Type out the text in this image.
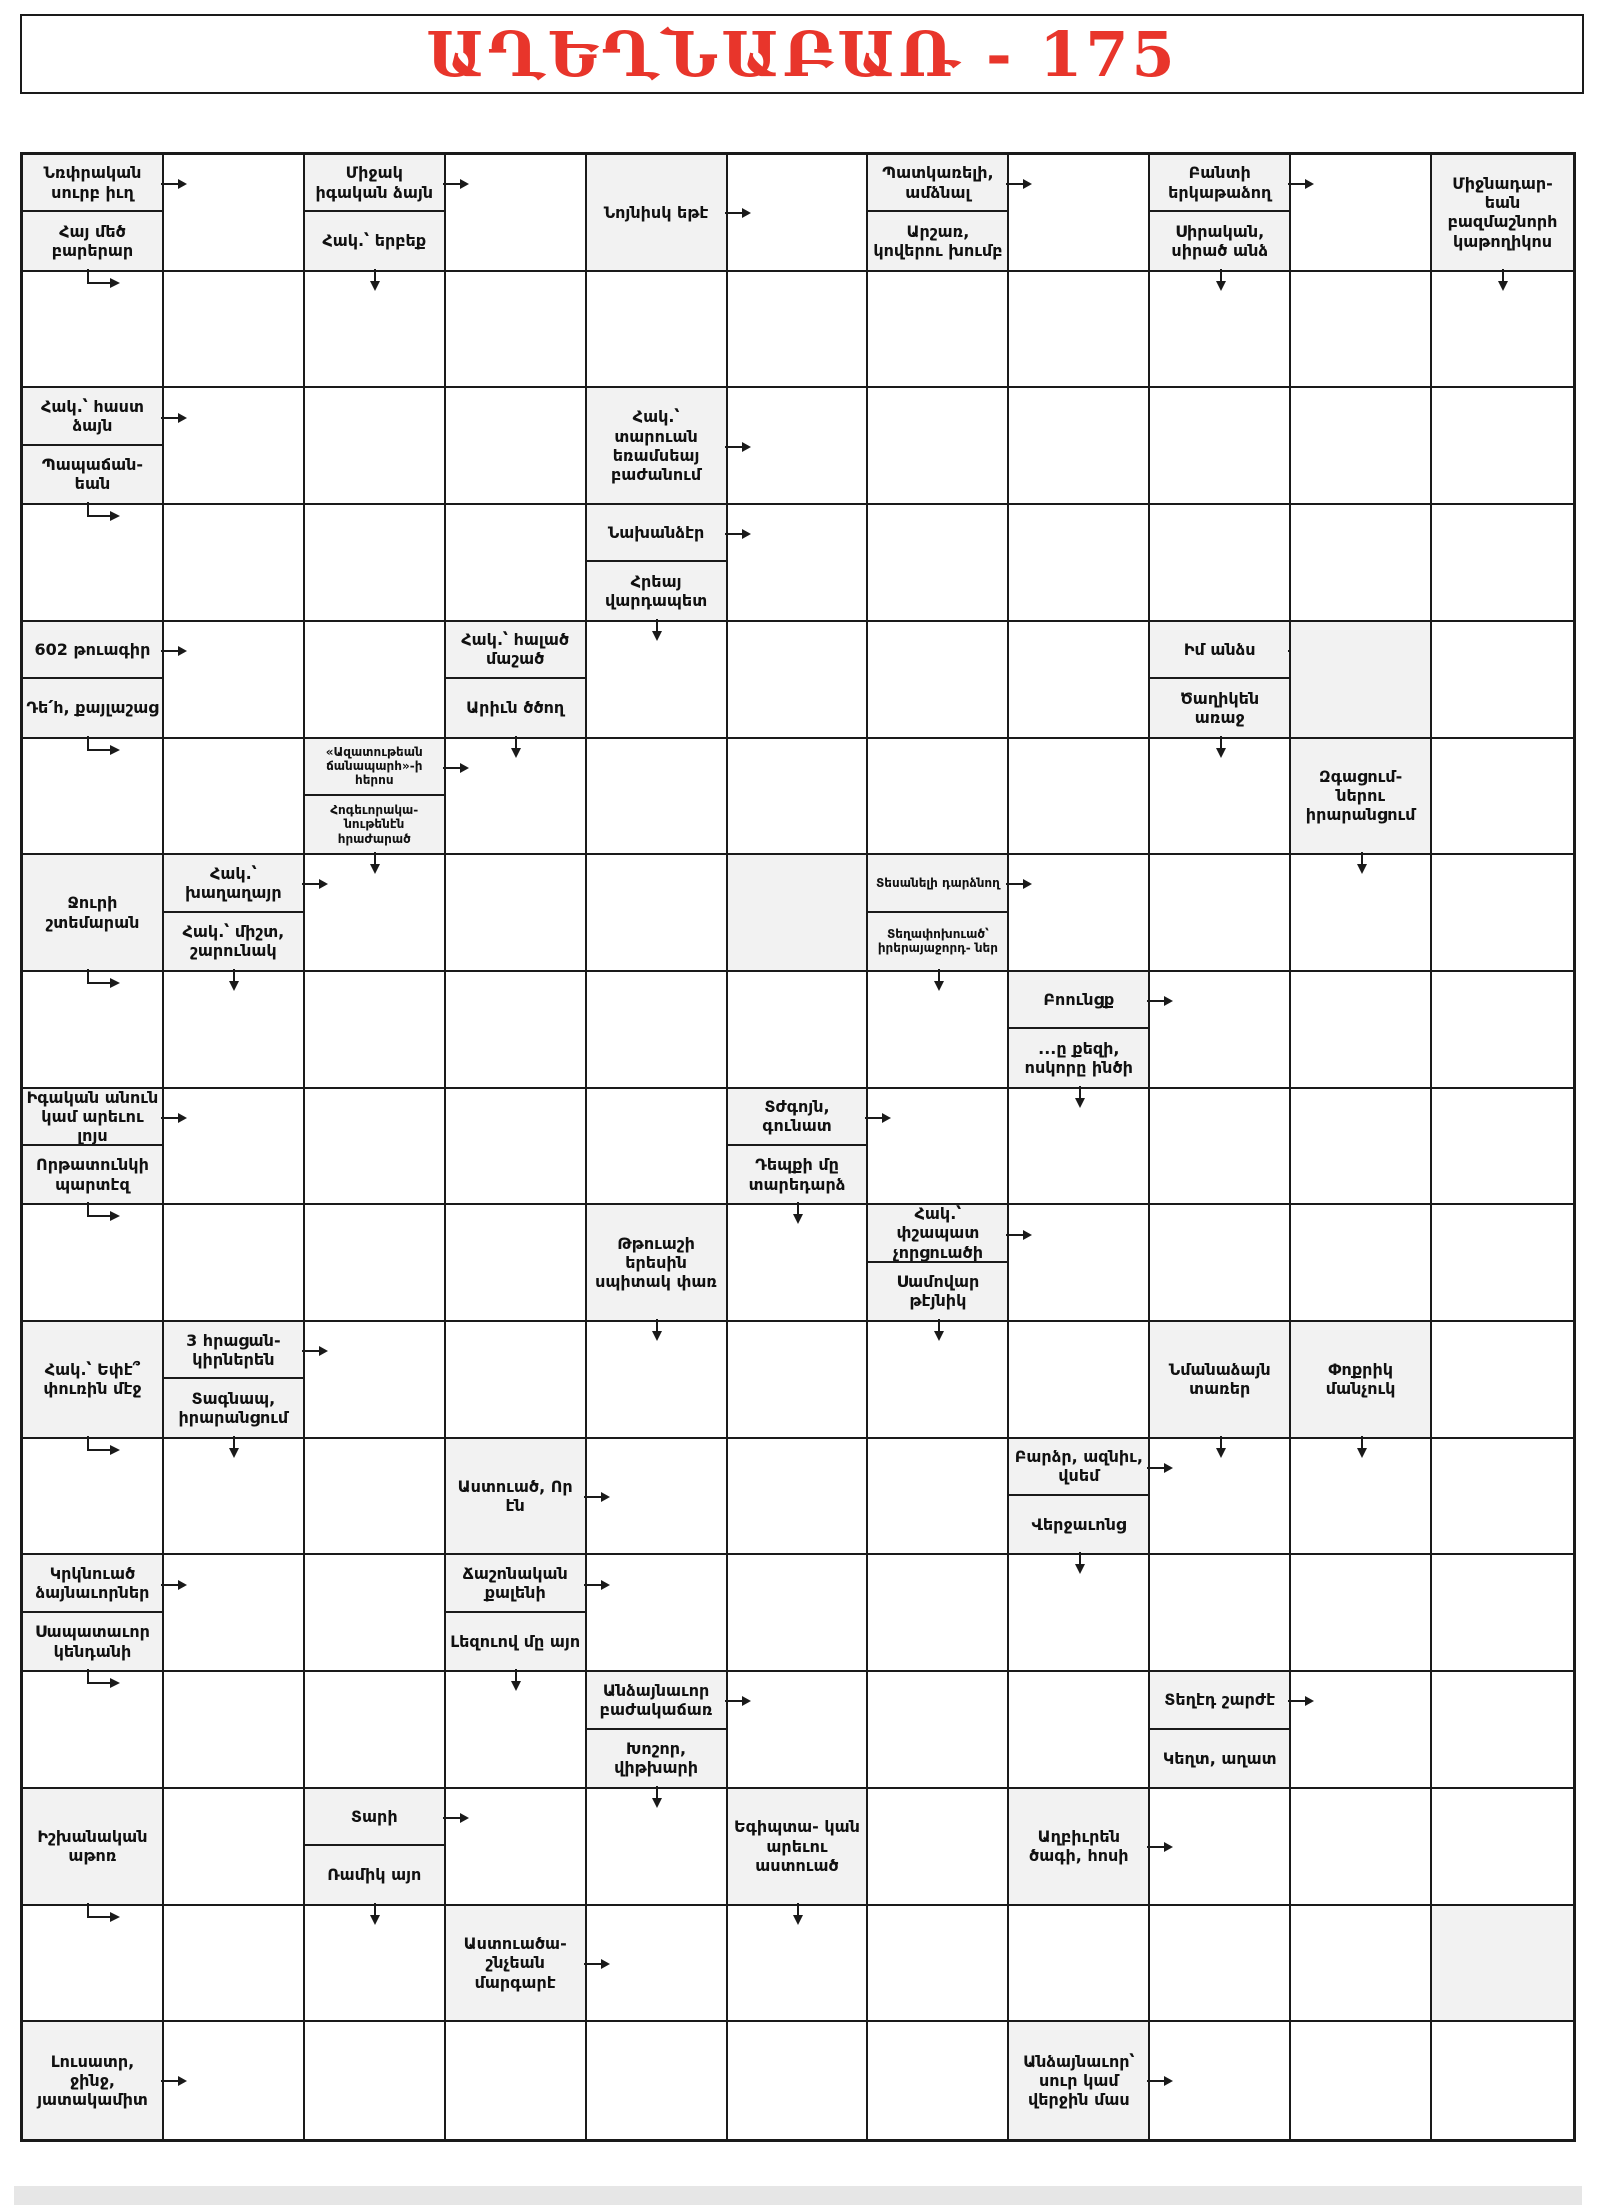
ԱՂԵՂՆԱԲԱՌ - 175
Նռփրական սուրբ իւղ
Հայ մեծ բարերար
Միջակ իգական ձայն
Հակ.՝ երբեք
Նոյնիսկ եթէ
Պատկառելի, ամձնալ
Արշառ, կովերու խումբ
Բանտի երկաթաձող
Սիրական, սիրած անձ
Միջնադար- եան բազմաշնորհ կաթողիկոս
Հակ.՝ հաստ ձայն
Պապաճան- եան
Հակ.՝ տարուան եռամսեայ բաժանում
Նախանձէր
Հրեայ վարդապետ
602 թուագիր
Դե՛հ, քայլաշաց
Հակ.՝ հալած մաշած
Արիւն ծծող
Իմ անձս
Ծաղիկեն առաջ
«Ազատութեան ճանապարհ»-ի հերոս
Հոգեւորակա- նութենէն հրաժարած
Զգացում- ներու իրարանցում
Ջուրի շտեմարան
Հակ.՝ խաղաղայր
Հակ.՝ միշտ, շարունակ
Տեսանելի դարձնող
Տեղափոխուած՝ իրերայաջորդ- ներ
Բոունցք
...ը քեզի, ոսկորը ինծի
Իգական անուն կամ արեւու լոյս
Որթատունկի պարտէզ
Տժգոյն, գունատ
Դեպքի մը տարեդարձ
Թթուաշի երեսին սպիտակ փառ
Հակ.՝ փշապատ չորցուածի
Սամովար թէյնիկ
Հակ.՝ Եփէ՞ փուռին մէջ
3 հրացան- կիրներեն
Տագնապ, իրարանցում
Նմանաձայն տառեր
Փոքրիկ մանչուկ
Աստուած, Որ էն
Բարձր, ազնիւ, վսեմ
Վերջաւոնց
Կրկնուած ձայնաւորներ
Սապատաւոր կենդանի
Ճաշոնական քալենի
Լեզուով մը այո
Անձայնաւոր բաժակաճառ
Խոշոր, վիթխարի
Տեղէդ շարժէ
Կեղտ, աղատ
Իշխանական աթոռ
Տարի
Ռամիկ այո
Եգիպտա- կան արեւու աստուած
Աղբիւրեն ծագի, հոսի
Աստուածա- շնչեան մարգարէ
Լուսատր, ջինջ, յատակամիտ
Անձայնաւոր՝ սուր կամ վերջին մաս
